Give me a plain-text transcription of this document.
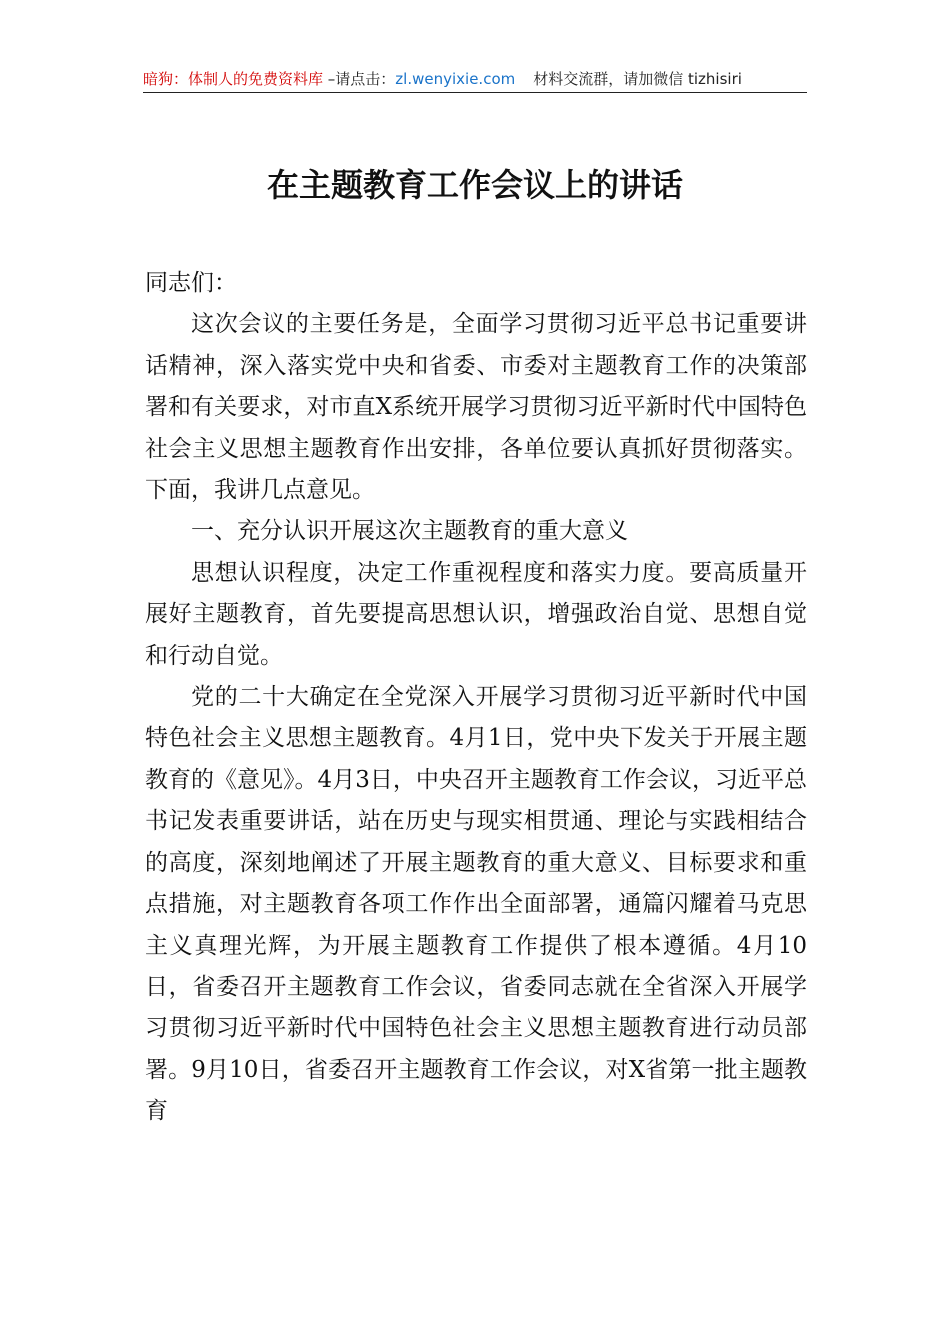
暗狗：体制人的免费资料库 –请点击：zl.wenyixie.com 材料交流群，请加微信 tizhisiri
在主题教育工作会议上的讲话

同志们：

这次会议的主要任务是，全面学习贯彻习近平总书记重要讲话精神，深入落实党中央和省委、市委对主题教育工作的决策部署和有关要求，对市直X系统开展学习贯彻习近平新时代中国特色社会主义思想主题教育作出安排，各单位要认真抓好贯彻落实。下面，我讲几点意见。

一、充分认识开展这次主题教育的重大意义

思想认识程度，决定工作重视程度和落实力度。要高质量开展好主题教育，首先要提高思想认识，增强政治自觉、思想自觉和行动自觉。

党的二十大确定在全党深入开展学习贯彻习近平新时代中国特色社会主义思想主题教育。4月1日，党中央下发关于开展主题教育的《意见》。4月3日，中央召开主题教育工作会议，习近平总书记发表重要讲话，站在历史与现实相贯通、理论与实践相结合的高度，深刻地阐述了开展主题教育的重大意义、目标要求和重点措施，对主题教育各项工作作出全面部署，通篇闪耀着马克思主义真理光辉，为开展主题教育工作提供了根本遵循。4月10日，省委召开主题教育工作会议，省委同志就在全省深入开展学习贯彻习近平新时代中国特色社会主义思想主题教育进行动员部署。9月10日，省委召开主题教育工作会议，对X省第一批主题教育
